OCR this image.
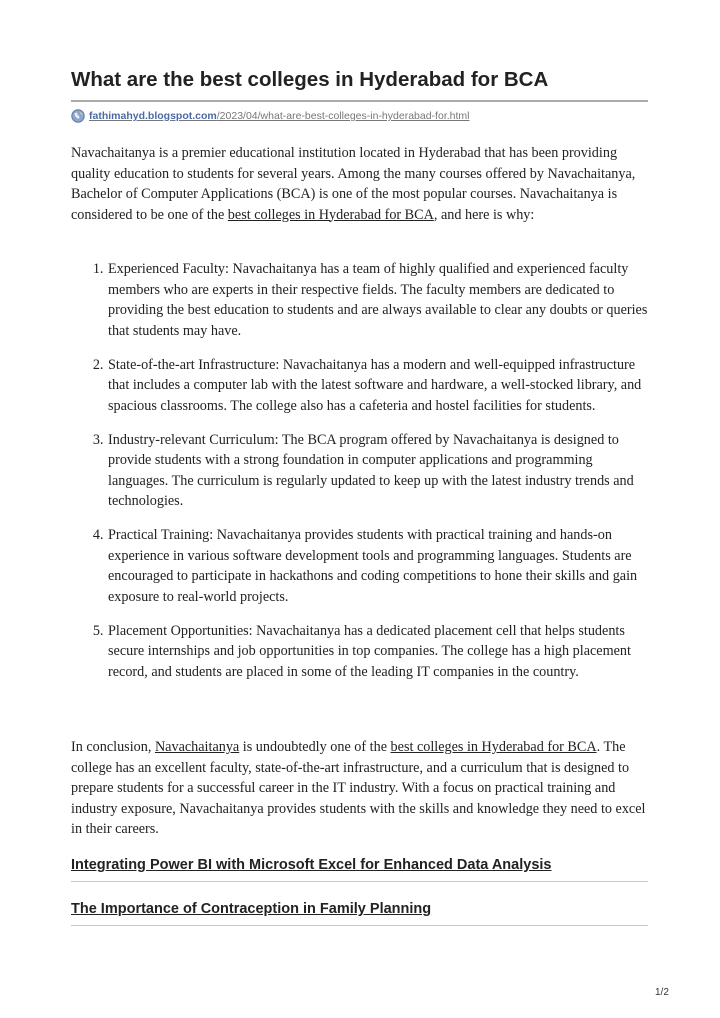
What are the best colleges in Hyderabad for BCA
fathimahyd.blogspot.com/2023/04/what-are-best-colleges-in-hyderabad-for.html

Navachaitanya is a premier educational institution located in Hyderabad that has been providing quality education to students for several years. Among the many courses offered by Navachaitanya, Bachelor of Computer Applications (BCA) is one of the most popular courses. Navachaitanya is considered to be one of the best colleges in Hyderabad for BCA, and here is why:

1. Experienced Faculty: Navachaitanya has a team of highly qualified and experienced faculty members who are experts in their respective fields. The faculty members are dedicated to providing the best education to students and are always available to clear any doubts or queries that students may have.
2. State-of-the-art Infrastructure: Navachaitanya has a modern and well-equipped infrastructure that includes a computer lab with the latest software and hardware, a well-stocked library, and spacious classrooms. The college also has a cafeteria and hostel facilities for students.
3. Industry-relevant Curriculum: The BCA program offered by Navachaitanya is designed to provide students with a strong foundation in computer applications and programming languages. The curriculum is regularly updated to keep up with the latest industry trends and technologies.
4. Practical Training: Navachaitanya provides students with practical training and hands-on experience in various software development tools and programming languages. Students are encouraged to participate in hackathons and coding competitions to hone their skills and gain exposure to real-world projects.
5. Placement Opportunities: Navachaitanya has a dedicated placement cell that helps students secure internships and job opportunities in top companies. The college has a high placement record, and students are placed in some of the leading IT companies in the country.

In conclusion, Navachaitanya is undoubtedly one of the best colleges in Hyderabad for BCA. The college has an excellent faculty, state-of-the-art infrastructure, and a curriculum that is designed to prepare students for a successful career in the IT industry. With a focus on practical training and industry exposure, Navachaitanya provides students with the skills and knowledge they need to excel in their careers.

Integrating Power BI with Microsoft Excel for Enhanced Data Analysis
The Importance of Contraception in Family Planning
1/2
